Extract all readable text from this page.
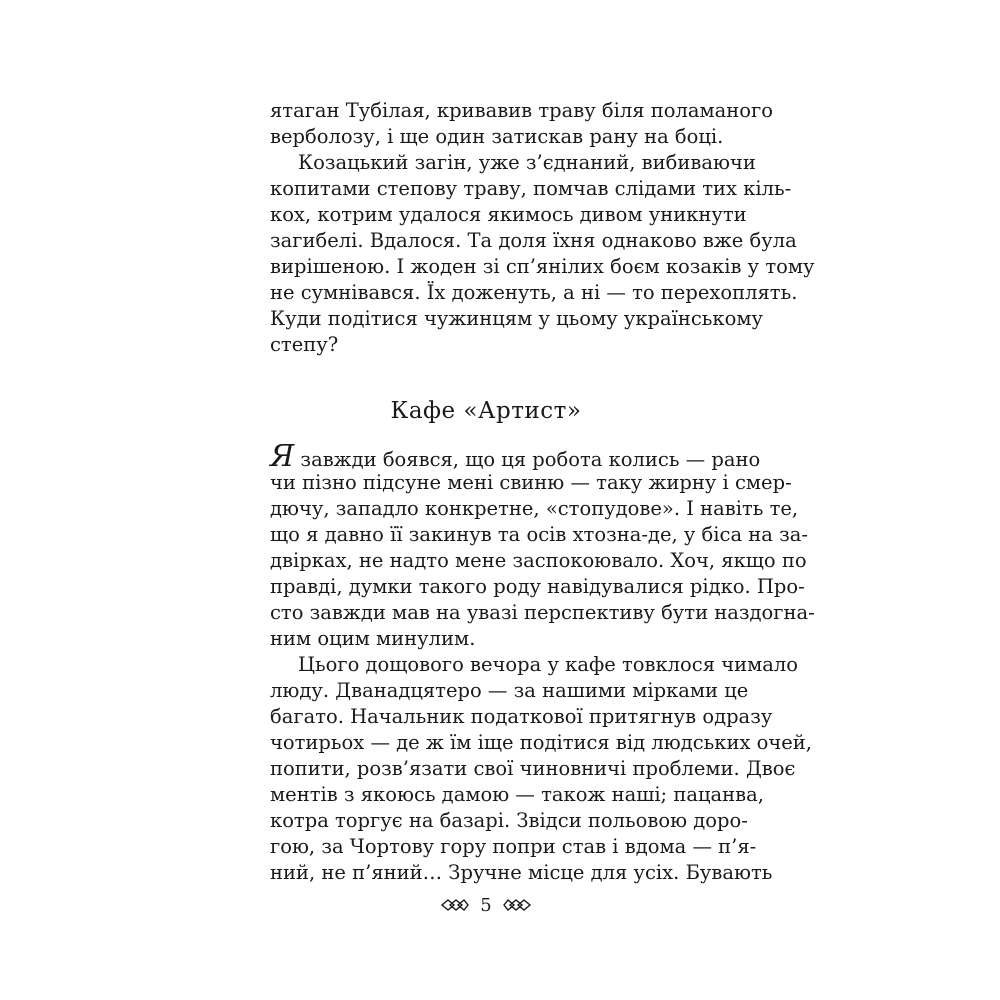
ятаган Тубілая, кривавив траву біля поламаного
верболозу, і ще один затискав рану на боці.
Козацький загін, уже з’єднаний, вибиваючи
копитами степову траву, помчав слідами тих кіль-
кох, котрим удалося якимось дивом уникнути
загибелі. Вдалося. Та доля їхня однаково вже була
вирішеною. І жоден зі сп’янілих боєм козаків у тому
не сумнівався. Їх доженуть, а ні — то перехоплять.
Куди подітися чужинцям у цьому українському
степу?
Кафе «Артист»
Я завжди боявся, що ця робота колись — рано
чи пізно підсуне мені свиню — таку жирну і смер-
дючу, западло конкретне, «стопудове». І навіть те,
що я давно її закинув та осів хтозна-де, у біса на за-
двірках, не надто мене заспокоювало. Хоч, якщо по
правді, думки такого роду навідувалися рідко. Про-
сто завжди мав на увазі перспективу бути наздогна-
ним оцим минулим.
Цього дощового вечора у кафе товклося чимало
люду. Дванадцятеро — за нашими мірками це
багато. Начальник податкової притягнув одразу
чотирьох — де ж їм іще подітися від людських очей,
попити, розв’язати свої чиновничі проблеми. Двоє
ментів з якоюсь дамою — також наші; пацанва,
котра торгує на базарі. Звідси польовою доро-
гою, за Чортову гору попри став і вдома — п’я-
ний, не п’яний… Зручне місце для усіх. Бувають
5
